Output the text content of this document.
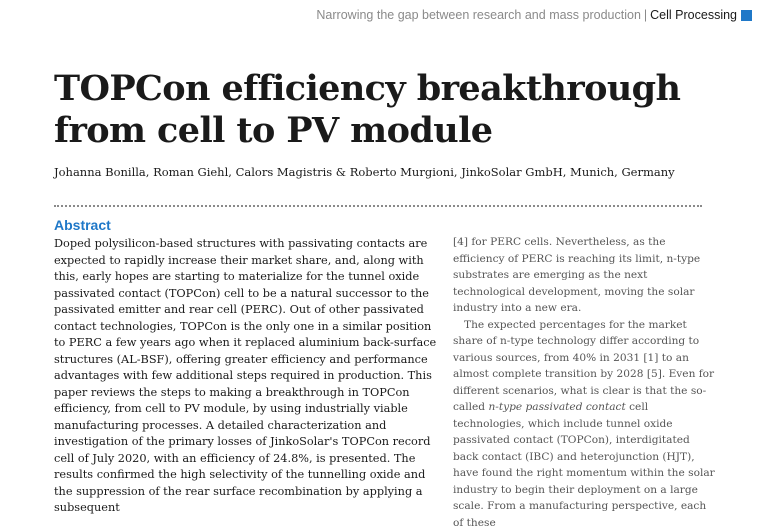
Narrowing the gap between research and mass production | Cell Processing
TOPCon efficiency breakthrough from cell to PV module

Johanna Bonilla, Roman Giehl, Calors Magistris & Roberto Murgioni, JinkoSolar GmbH, Munich, Germany

Abstract

Doped polysilicon-based structures with passivating contacts are expected to rapidly increase their market share, and, along with this, early hopes are starting to materialize for the tunnel oxide passivated contact (TOPCon) cell to be a natural successor to the passivated emitter and rear cell (PERC). Out of other passivated contact technologies, TOPCon is the only one in a similar position to PERC a few years ago when it replaced aluminium back-surface structures (AL-BSF), offering greater efficiency and performance advantages with few additional steps required in production. This paper reviews the steps to making a breakthrough in TOPCon efficiency, from cell to PV module, by using industrially viable manufacturing processes. A detailed characterization and investigation of the primary losses of JinkoSolar's TOPCon record cell of July 2020, with an efficiency of 24.8%, is presented. The results confirmed the high selectivity of the tunnelling oxide and the suppression of the rear surface recombination by applying a subsequent

[4] for PERC cells. Nevertheless, as the efficiency of PERC is reaching its limit, n-type substrates are emerging as the next technological development, moving the solar industry into a new era.

The expected percentages for the market share of n-type technology differ according to various sources, from 40% in 2031 [1] to an almost complete transition by 2028 [5]. Even for different scenarios, what is clear is that the so-called n-type passivated contact cell technologies, which include tunnel oxide passivated contact (TOPCon), interdigitated back contact (IBC) and heterojunction (HJT), have found the right momentum within the solar industry to begin their deployment on a large scale. From a manufacturing perspective, each of these
